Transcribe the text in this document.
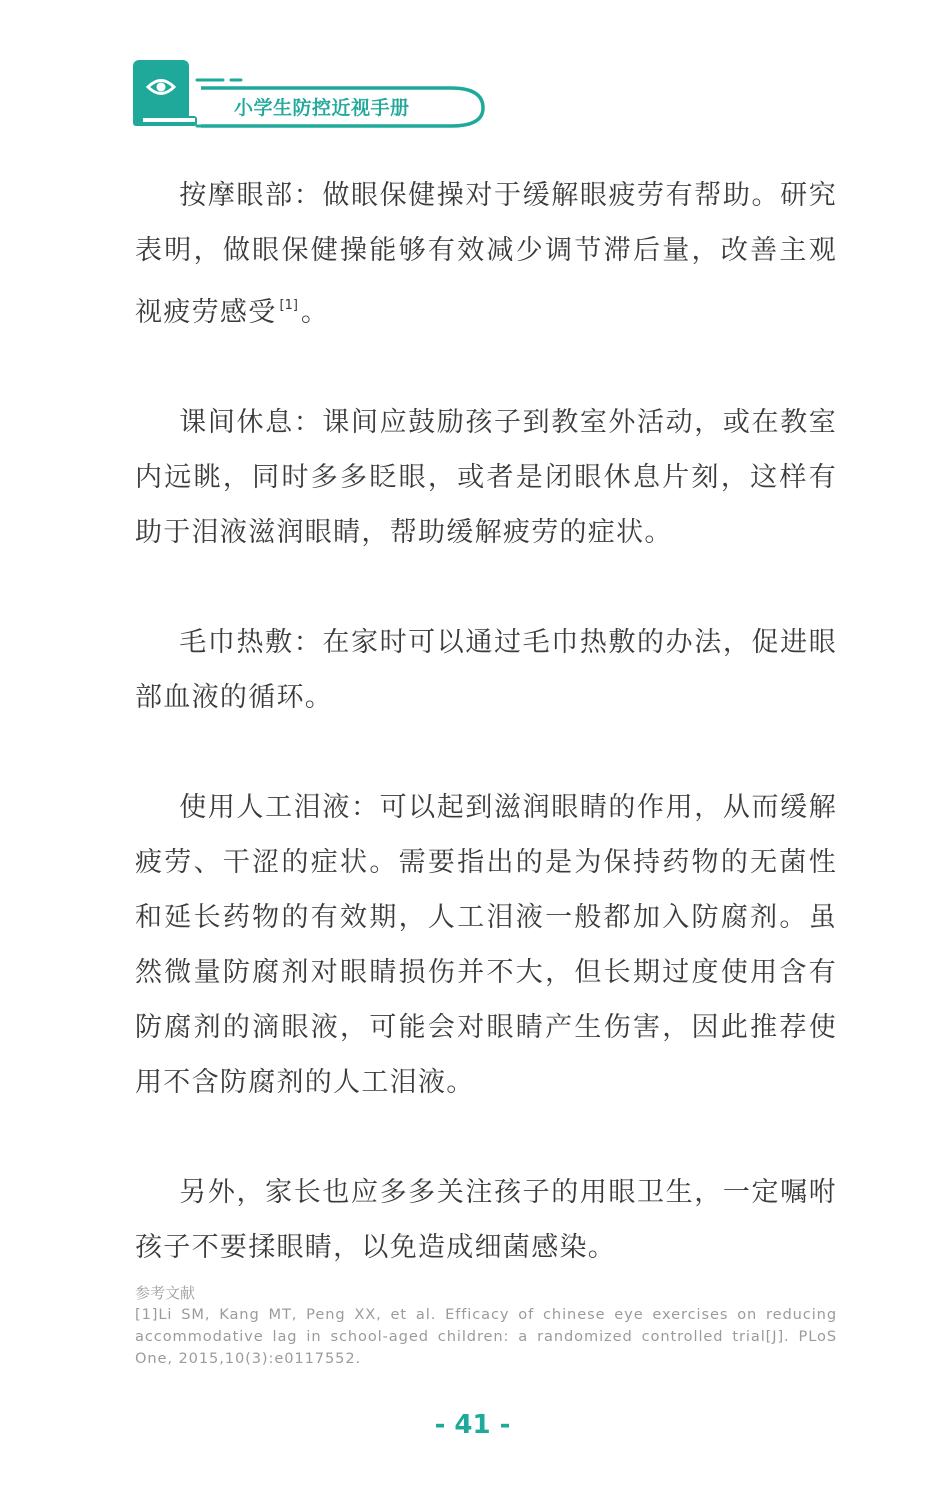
小学生防控近视手册

按摩眼部：做眼保健操对于缓解眼疲劳有帮助。研究表明，做眼保健操能够有效减少调节滞后量，改善主观视疲劳感受 [1] 。

课间休息：课间应鼓励孩子到教室外活动，或在教室内远眺，同时多多眨眼，或者是闭眼休息片刻，这样有助于泪液滋润眼睛，帮助缓解疲劳的症状。

毛巾热敷：在家时可以通过毛巾热敷的办法，促进眼部血液的循环。

使用人工泪液：可以起到滋润眼睛的作用，从而缓解疲劳、干涩的症状。需要指出的是为保持药物的无菌性和延长药物的有效期，人工泪液一般都加入防腐剂。虽然微量防腐剂对眼睛损伤并不大，但长期过度使用含有防腐剂的滴眼液，可能会对眼睛产生伤害，因此推荐使用不含防腐剂的人工泪液。

另外，家长也应多多关注孩子的用眼卫生，一定嘱咐孩子不要揉眼睛，以免造成细菌感染。

参考文献

[1]Li SM, Kang MT, Peng XX, et al. Efficacy of chinese eye exercises on reducing accommodative lag in school-aged children: a randomized controlled trial[J]. PLoS One, 2015,10(3):e0117552.

- 41 -
